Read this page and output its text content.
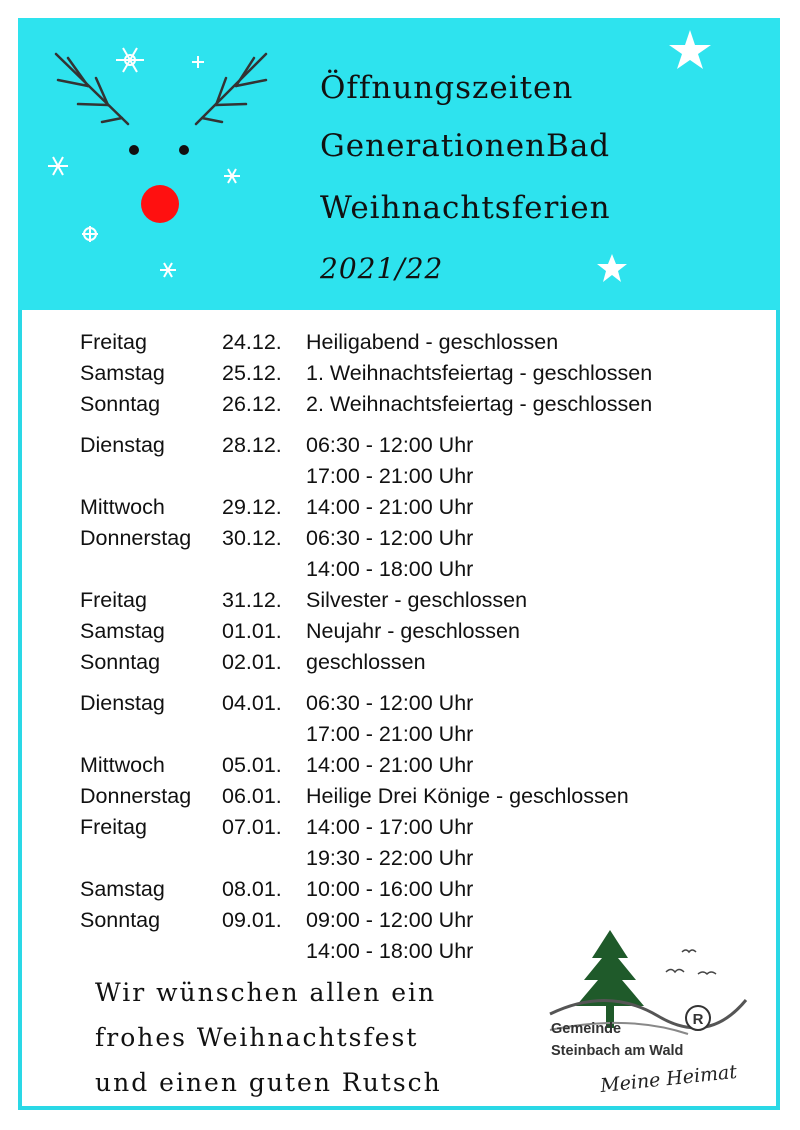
Öffnungszeiten
GenerationenBad
Weihnachtsferien
2021/22
Freitag	24.12. Heiligabend - geschlossen
Samstag	25.12. 1. Weihnachtsfeiertag - geschlossen
Sonntag	26.12. 2. Weihnachtsfeiertag - geschlossen
Dienstag	28.12. 06:30 - 12:00 Uhr
17:00 - 21:00 Uhr
Mittwoch	29.12. 14:00 - 21:00 Uhr
Donnerstag 30.12. 06:30 - 12:00 Uhr
14:00 - 18:00 Uhr
Freitag	31.12. Silvester - geschlossen
Samstag	01.01. Neujahr - geschlossen
Sonntag	02.01. geschlossen
Dienstag	04.01. 06:30 - 12:00 Uhr
17:00 - 21:00 Uhr
Mittwoch	05.01. 14:00 - 21:00 Uhr
Donnerstag 06.01. Heilige Drei Könige - geschlossen
Freitag	07.01. 14:00 - 17:00 Uhr
19:30 - 22:00 Uhr
Samstag	08.01. 10:00 - 16:00 Uhr
Sonntag	09.01. 09:00 - 12:00 Uhr
14:00 - 18:00 Uhr
Wir wünschen allen ein
frohes Weihnachtsfest
und einen guten Rutsch
R
Gemeinde
Steinbach am Wald
Meine Heimat
